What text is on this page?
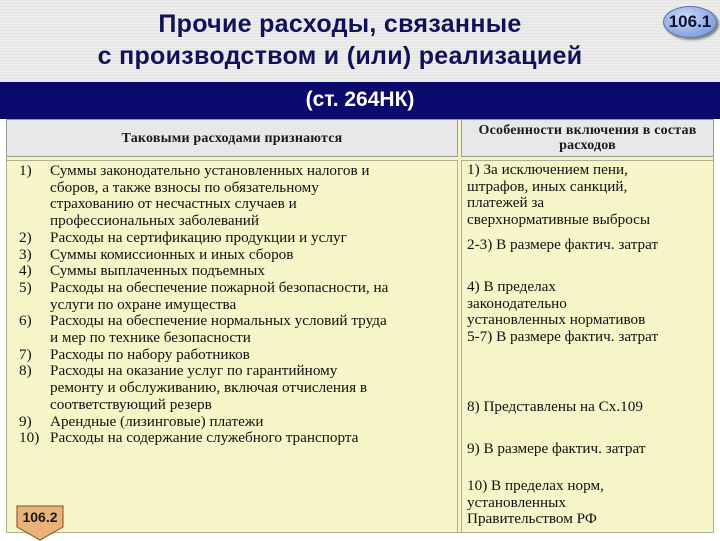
Прочие расходы, связанные
с производством и (или) реализацией
106.1
(ст. 264НК)
Таковыми расходами признаются	Особенности включения в состав расходов
1) Суммы законодательно установленных налогов и
сборов, а также взносы по обязательному
страхованию от несчастных случаев и
профессиональных заболеваний
2) Расходы на сертификацию продукции и услуг
3) Суммы комиссионных и иных сборов
4) Суммы выплаченных подъемных
5) Расходы на обеспечение пожарной безопасности, на
услуги по охране имущества
6) Расходы на обеспечение нормальных условий труда
и мер по технике безопасности
7) Расходы по набору работников
8) Расходы на оказание услуг по гарантийному
ремонту и обслуживанию, включая отчисления в
соответствующий резерв
9) Арендные (лизинговые) платежи
10) Расходы на содержание служебного транспорта
1) За исключением пени,
штрафов, иных санкций,
платежей за
сверхнормативные выбросы
2-3) В размере фактич. затрат
4) В пределах
законодательно
установленных нормативов
5-7) В размере фактич. затрат
8) Представлены на Сх.109
9) В размере фактич. затрат
10) В пределах норм,
установленных
Правительством РФ
106.2
